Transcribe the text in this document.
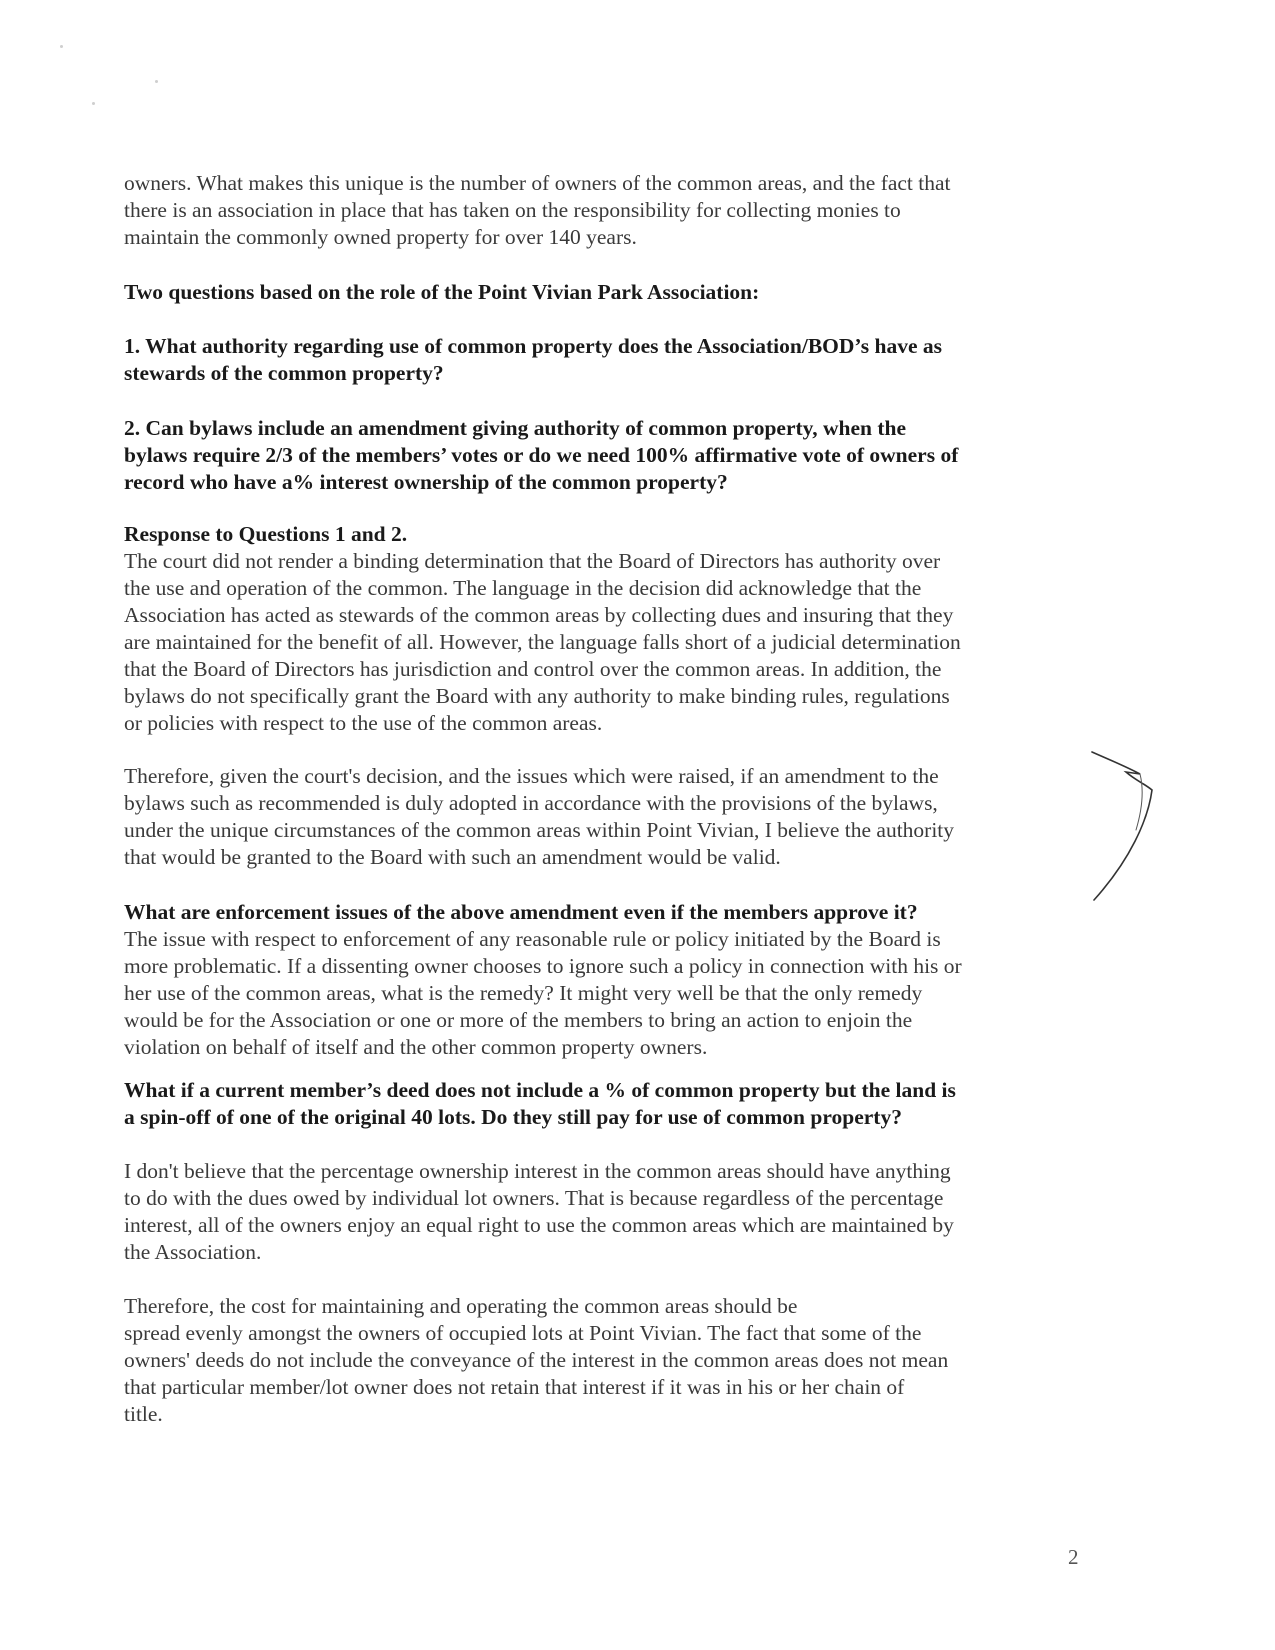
owners. What makes this unique is the number of owners of the common areas, and the fact that
there is an association in place that has taken on the responsibility for collecting monies to
maintain the commonly owned property for over 140 years.

Two questions based on the role of the Point Vivian Park Association:

1. What authority regarding use of common property does the Association/BOD’s have as
stewards of the common property?

2. Can bylaws include an amendment giving authority of common property, when the
bylaws require 2/3 of the members’ votes or do we need 100% affirmative vote of owners of
record who have a% interest ownership of the common property?

Response to Questions 1 and 2.

The court did not render a binding determination that the Board of Directors has authority over
the use and operation of the common. The language in the decision did acknowledge that the
Association has acted as stewards of the common areas by collecting dues and insuring that they
are maintained for the benefit of all. However, the language falls short of a judicial determination
that the Board of Directors has jurisdiction and control over the common areas. In addition, the
bylaws do not specifically grant the Board with any authority to make binding rules, regulations
or policies with respect to the use of the common areas.

Therefore, given the court's decision, and the issues which were raised, if an amendment to the
bylaws such as recommended is duly adopted in accordance with the provisions of the bylaws,
under the unique circumstances of the common areas within Point Vivian, I believe the authority
that would be granted to the Board with such an amendment would be valid.

What are enforcement issues of the above amendment even if the members approve it?

The issue with respect to enforcement of any reasonable rule or policy initiated by the Board is
more problematic. If a dissenting owner chooses to ignore such a policy in connection with his or
her use of the common areas, what is the remedy? It might very well be that the only remedy
would be for the Association or one or more of the members to bring an action to enjoin the
violation on behalf of itself and the other common property owners.

What if a current member’s deed does not include a % of common property but the land is
a spin-off of one of the original 40 lots. Do they still pay for use of common property?

I don't believe that the percentage ownership interest in the common areas should have anything
to do with the dues owed by individual lot owners. That is because regardless of the percentage
interest, all of the owners enjoy an equal right to use the common areas which are maintained by
the Association.

Therefore, the cost for maintaining and operating the common areas should be
spread evenly amongst the owners of occupied lots at Point Vivian. The fact that some of the
owners' deeds do not include the conveyance of the interest in the common areas does not mean
that particular member/lot owner does not retain that interest if it was in his or her chain of
title.

2
